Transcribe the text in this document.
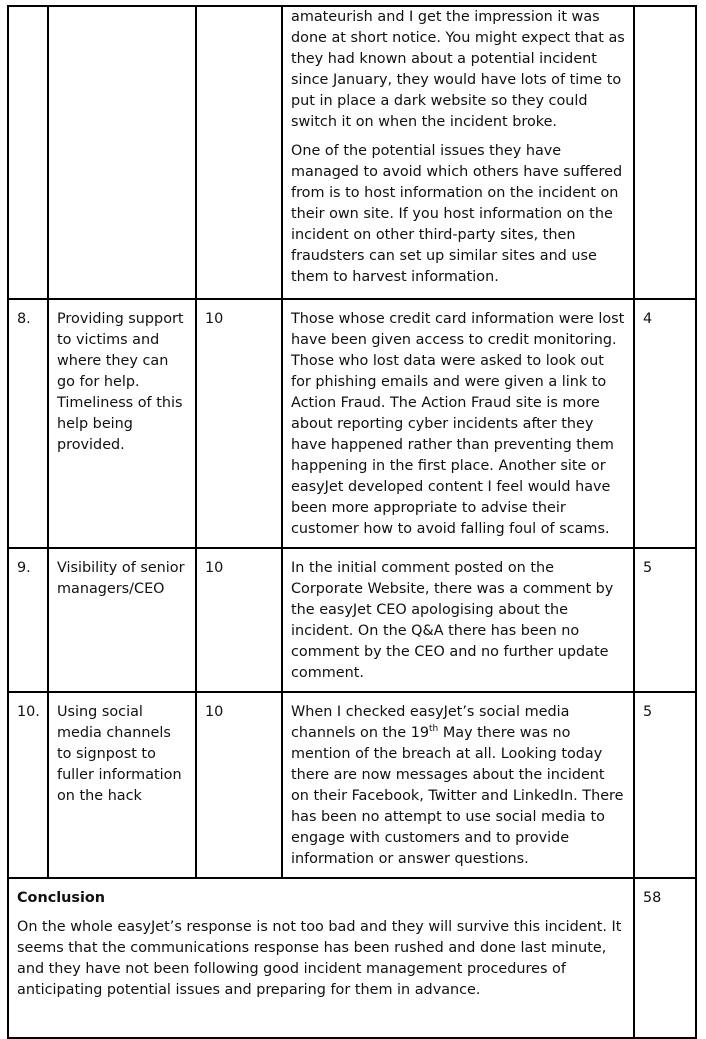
			amateurish and I get the impression it was done at short notice. You might expect that as they had known about a potential incident since January, they would have lots of time to put in place a dark website so they could switch it on when the incident broke.

One of the potential issues they have managed to avoid which others have suffered from is to host information on the incident on their own site. If you host information on the incident on other third-party sites, then fraudsters can set up similar sites and use them to harvest information.	

8.	Providing support to victims and where they can go for help. Timeliness of this help being provided.	10	Those whose credit card information were lost have been given access to credit monitoring. Those who lost data were asked to look out for phishing emails and were given a link to Action Fraud. The Action Fraud site is more about reporting cyber incidents after they have happened rather than preventing them happening in the first place. Another site or easyJet developed content I feel would have been more appropriate to advise their customer how to avoid falling foul of scams.	4
9.	Visibility of senior managers/CEO	10	In the initial comment posted on the Corporate Website, there was a comment by the easyJet CEO apologising about the incident. On the Q&A there has been no comment by the CEO and no further update comment.	5
10.	Using social media channels to signpost to fuller information on the hack	10	When I checked easyJet’s social media channels on the 19th May there was no mention of the breach at all. Looking today there are now messages about the incident on their Facebook, Twitter and LinkedIn. There has been no attempt to use social media to engage with customers and to provide information or answer questions.	5

Conclusion
On the whole easyJet’s response is not too bad and they will survive this incident. It seems that the communications response has been rushed and done last minute, and they have not been following good incident management procedures of anticipating potential issues and preparing for them in advance.				58
